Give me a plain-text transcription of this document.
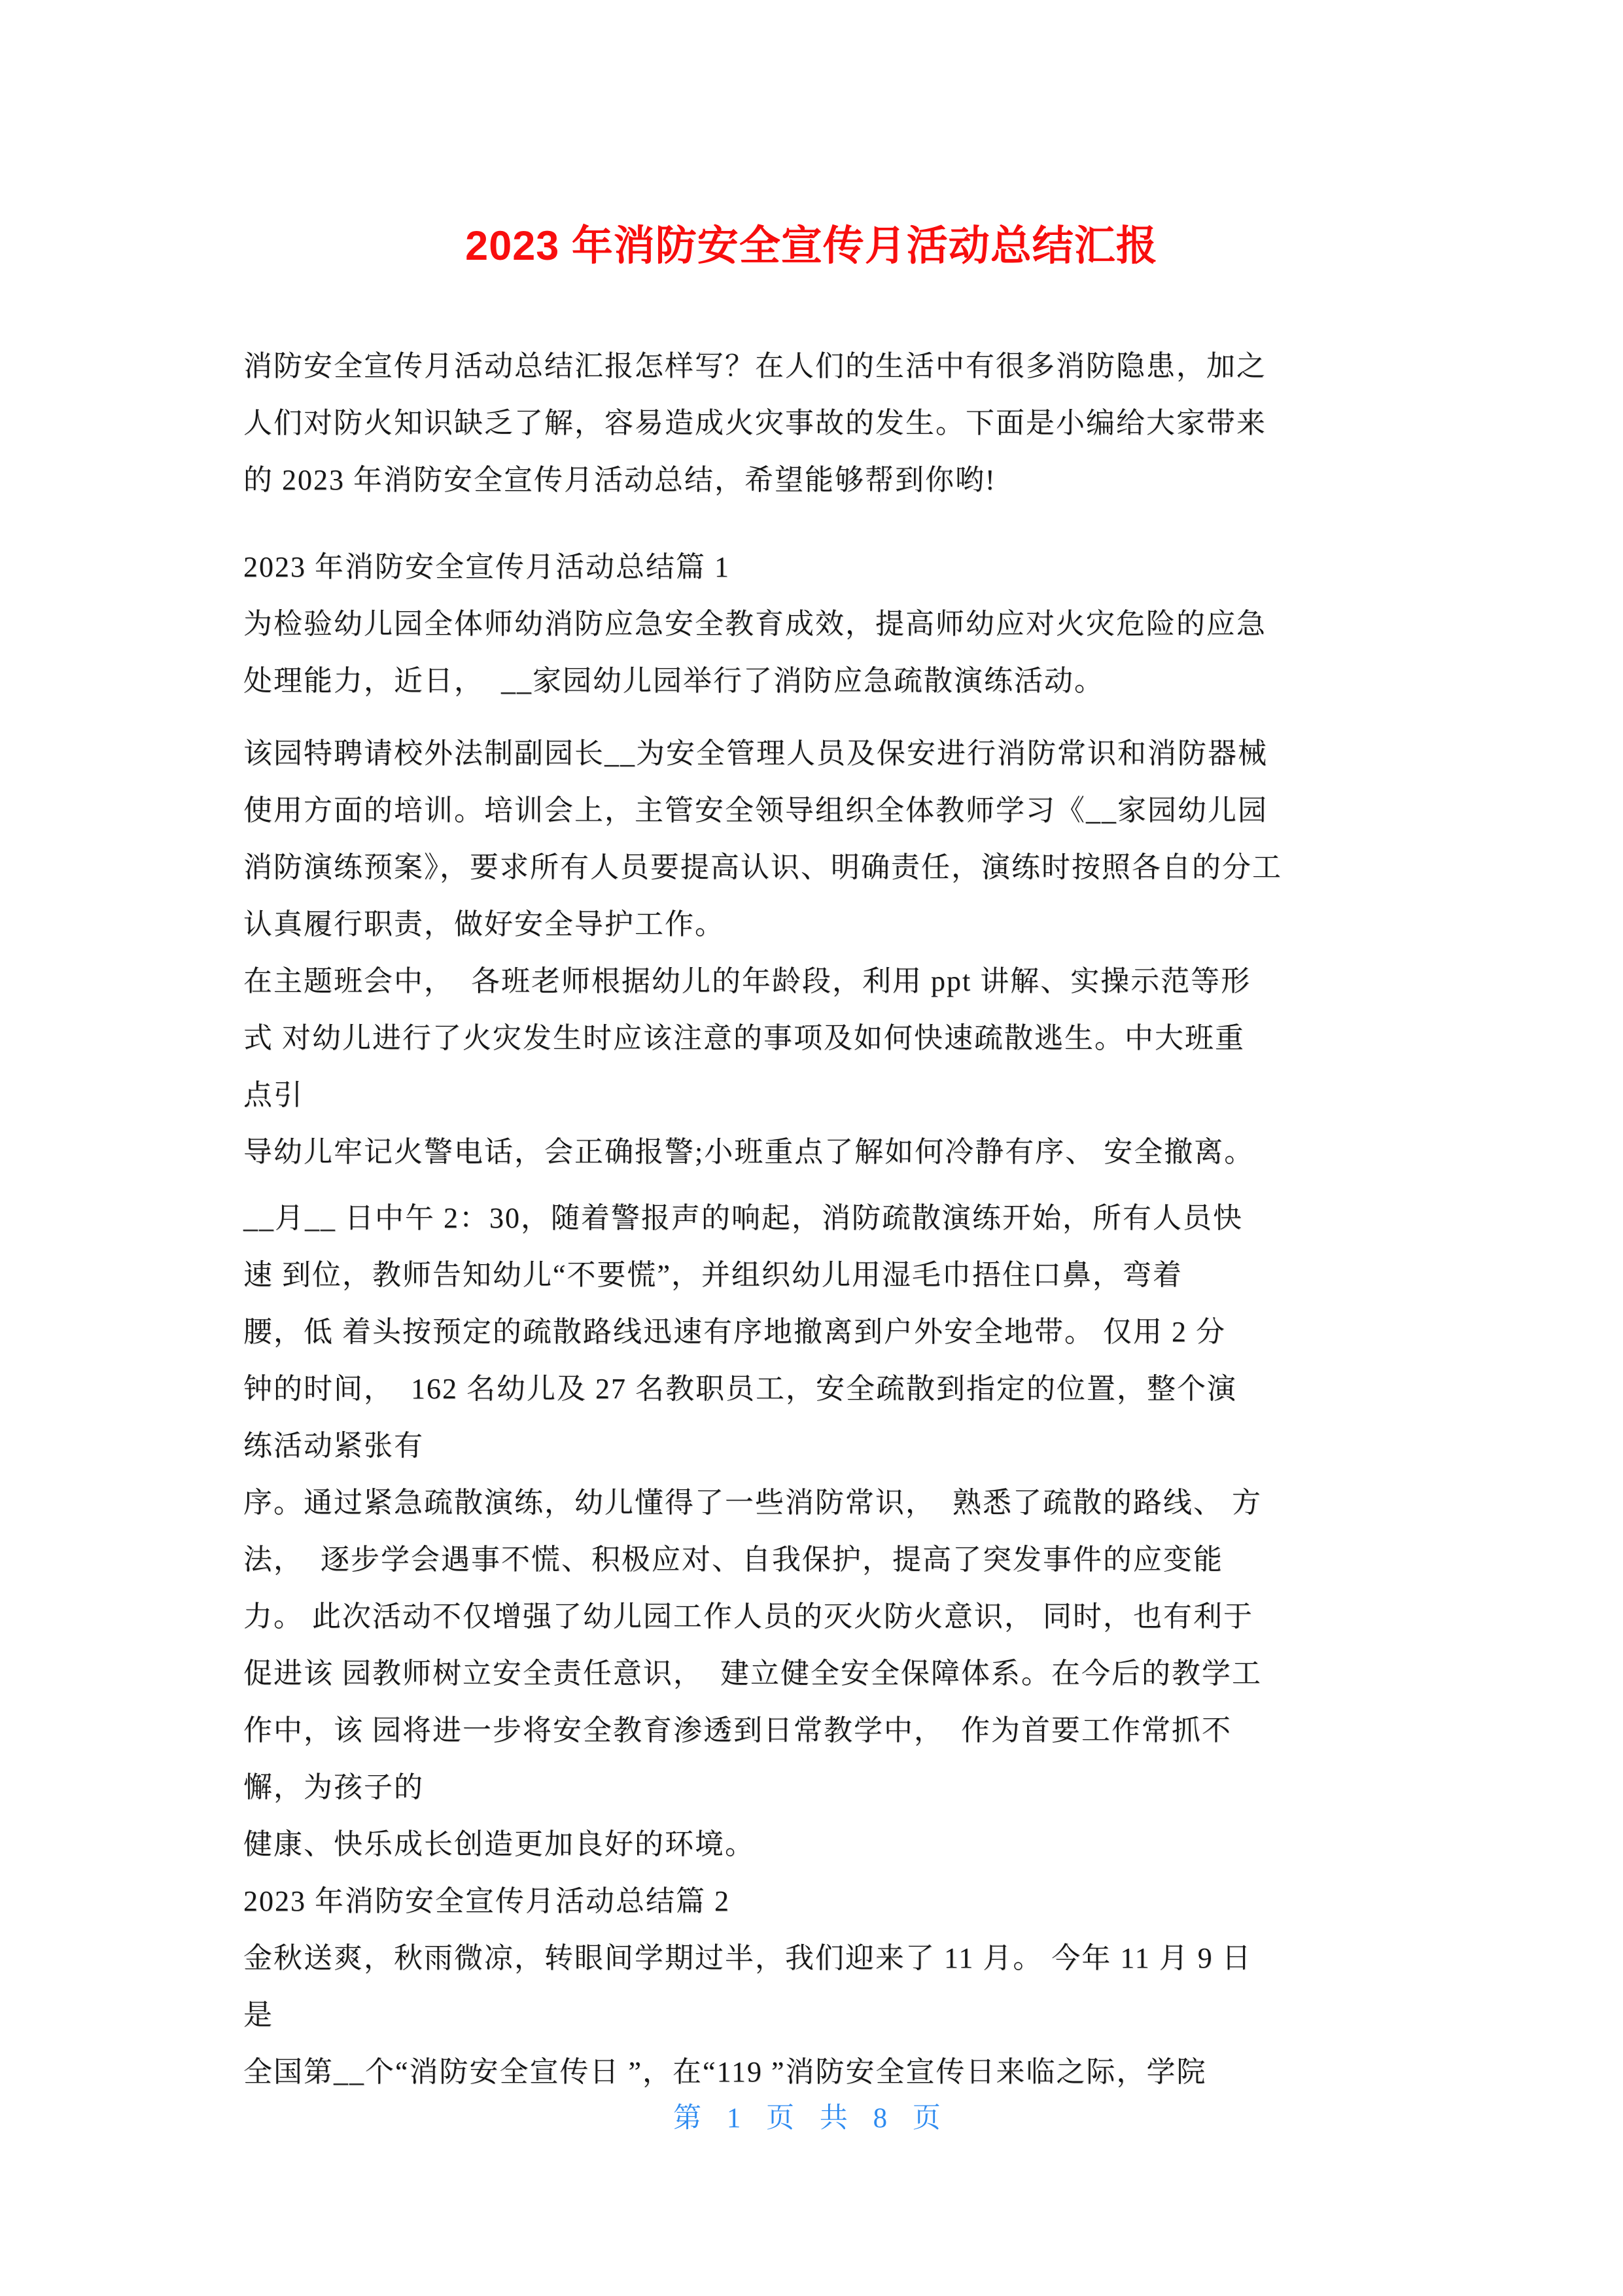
2023 年消防安全宣传月活动总结汇报
消防安全宣传月活动总结汇报怎样写？在人们的生活中有很多消防隐患，加之
人们对防火知识缺乏了解，容易造成火灾事故的发生。下面是小编给大家带来
的 2023 年消防安全宣传月活动总结，希望能够帮到你哟!
2023 年消防安全宣传月活动总结篇 1
为检验幼儿园全体师幼消防应急安全教育成效，提高师幼应对火灾危险的应急
处理能力，近日，  __家园幼儿园举行了消防应急疏散演练活动。
该园特聘请校外法制副园长__为安全管理人员及保安进行消防常识和消防器械
使用方面的培训。培训会上，主管安全领导组织全体教师学习《__家园幼儿园
消防演练预案》，要求所有人员要提高认识、明确责任，演练时按照各自的分工
认真履行职责，做好安全导护工作。
在主题班会中，  各班老师根据幼儿的年龄段，利用 ppt 讲解、实操示范等形
式 对幼儿进行了火灾发生时应该注意的事项及如何快速疏散逃生。中大班重
点引
导幼儿牢记火警电话，会正确报警;小班重点了解如何冷静有序、 安全撤离。
__月__ 日中午 2：30，随着警报声的响起，消防疏散演练开始，所有人员快
速 到位，教师告知幼儿“不要慌”，并组织幼儿用湿毛巾捂住口鼻，弯着
腰，低 着头按预定的疏散路线迅速有序地撤离到户外安全地带。 仅用 2 分
钟的时间，  162 名幼儿及 27 名教职员工，安全疏散到指定的位置，整个演
练活动紧张有
序。通过紧急疏散演练，幼儿懂得了一些消防常识，  熟悉了疏散的路线、 方
法，  逐步学会遇事不慌、积极应对、自我保护，提高了突发事件的应变能
力。 此次活动不仅增强了幼儿园工作人员的灭火防火意识， 同时，也有利于
促进该 园教师树立安全责任意识，  建立健全安全保障体系。在今后的教学工
作中，该 园将进一步将安全教育渗透到日常教学中，  作为首要工作常抓不
懈，为孩子的
健康、快乐成长创造更加良好的环境。
2023 年消防安全宣传月活动总结篇 2
金秋送爽，秋雨微凉，转眼间学期过半，我们迎来了 11 月。 今年 11 月 9 日
是
全国第__个“消防安全宣传日 ”，在“119 ”消防安全宣传日来临之际，学院
第 1 页 共 8 页
